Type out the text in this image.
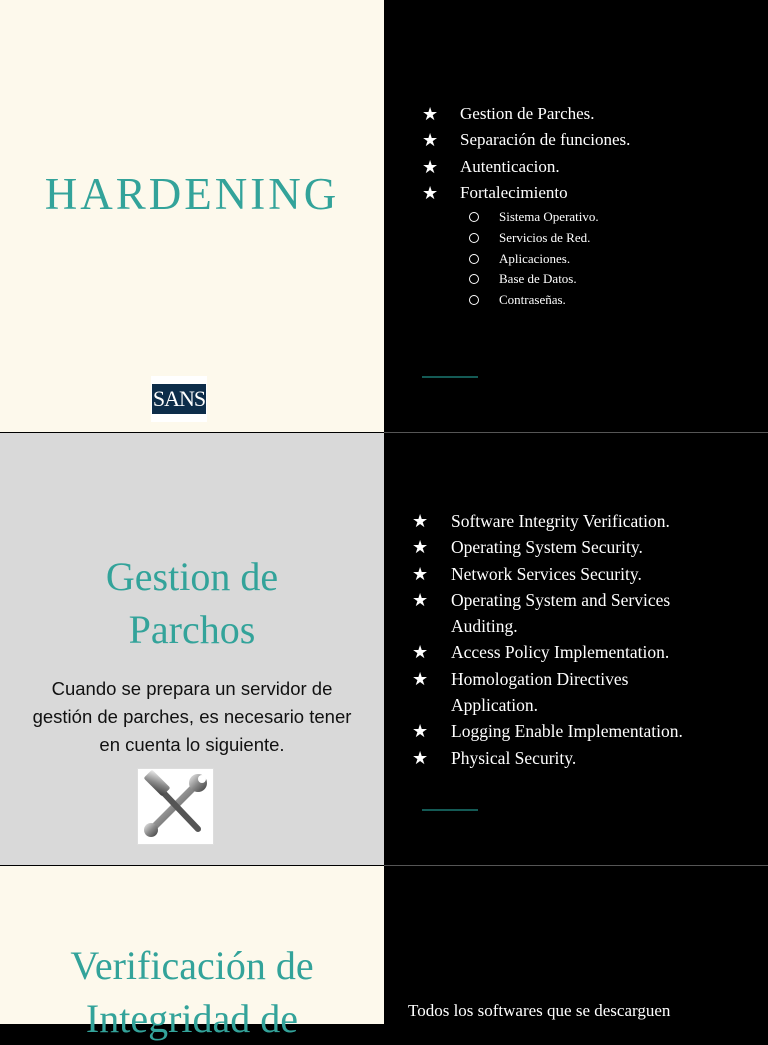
HARDENING
SANS
★ Gestion de Parches.
★ Separación de funciones.
★ Autenticacion.
★ Fortalecimiento
Sistema Operativo.
Servicios de Red.
Aplicaciones.
Base de Datos.
Contraseñas.
Gestion de
Parchos
Cuando se prepara un servidor de gestión de parches, es necesario tener en cuenta lo siguiente.
★ Software Integrity Verification.
★ Operating System Security.
★ Network Services Security.
★ Operating System and Services
Auditing.
★ Access Policy Implementation.
★ Homologation Directives
Application.
★ Logging Enable Implementation.
★ Physical Security.
Verificación de
Integridad de	Todos los softwares que se descarguen
